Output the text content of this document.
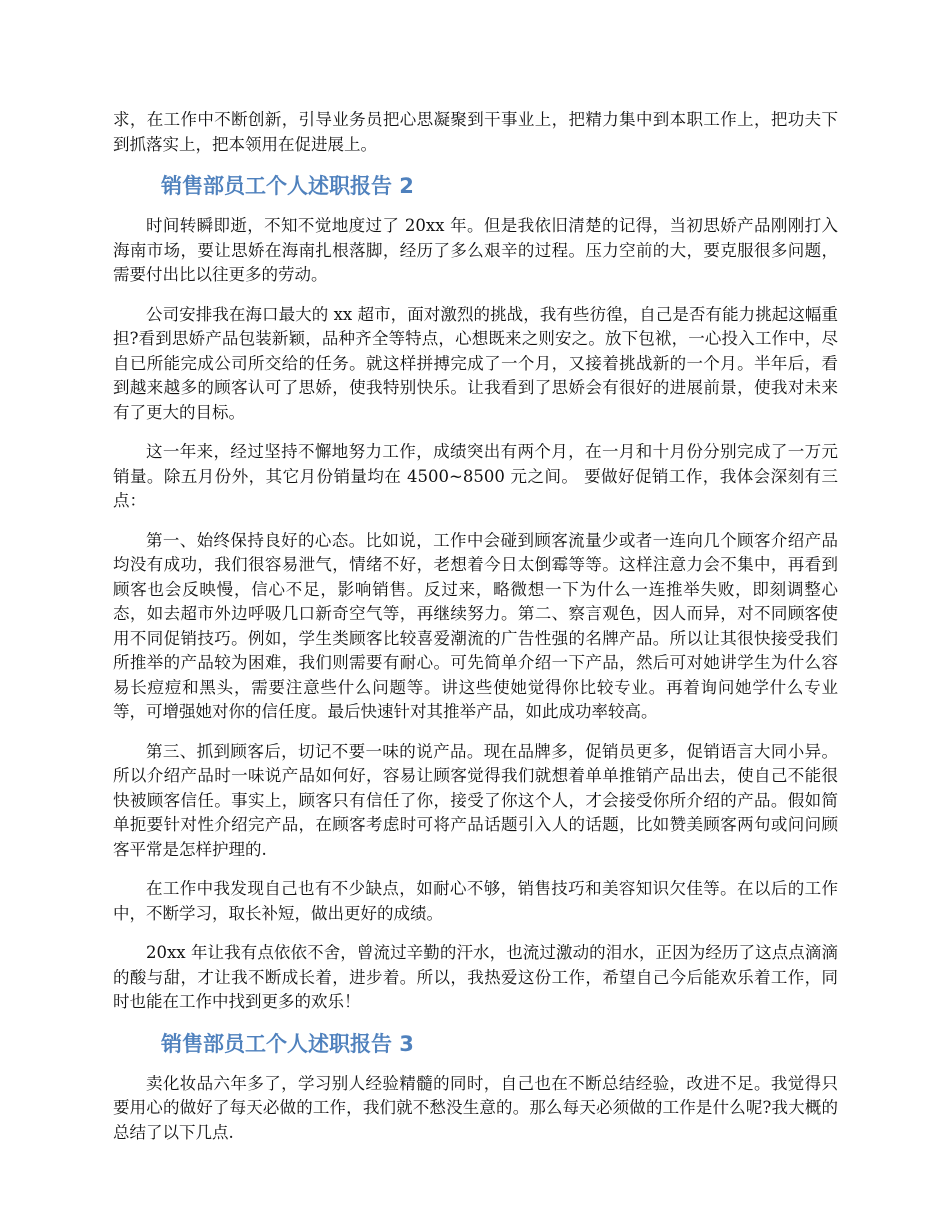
求，在工作中不断创新，引导业务员把心思凝聚到干事业上，把精力集中到本职工作上，把功夫下到抓落实上，把本领用在促进展上。

销售部员工个人述职报告 2

时间转瞬即逝，不知不觉地度过了 20xx 年。但是我依旧清楚的记得，当初思娇产品刚刚打入海南市场，要让思娇在海南扎根落脚，经历了多么艰辛的过程。压力空前的大，要克服很多问题，需要付出比以往更多的劳动。

公司安排我在海口最大的 xx 超市，面对激烈的挑战，我有些彷徨，自己是否有能力挑起这幅重担?看到思娇产品包装新颖，品种齐全等特点，心想既来之则安之。放下包袱，一心投入工作中，尽自已所能完成公司所交给的任务。就这样拼搏完成了一个月，又接着挑战新的一个月。半年后，看到越来越多的顾客认可了思娇，使我特别快乐。让我看到了思娇会有很好的进展前景，使我对未来有了更大的目标。

这一年来，经过坚持不懈地努力工作，成绩突出有两个月，在一月和十月份分别完成了一万元销量。除五月份外，其它月份销量均在 4500~8500 元之间。 要做好促销工作，我体会深刻有三点：

第一、始终保持良好的心态。比如说，工作中会碰到顾客流量少或者一连向几个顾客介绍产品均没有成功，我们很容易泄气，情绪不好，老想着今日太倒霉等等。这样注意力会不集中，再看到顾客也会反映慢，信心不足，影响销售。反过来，略微想一下为什么一连推举失败，即刻调整心态，如去超市外边呼吸几口新奇空气等，再继续努力。第二、察言观色，因人而异，对不同顾客使用不同促销技巧。例如，学生类顾客比较喜爱潮流的广告性强的名牌产品。所以让其很快接受我们所推举的产品较为困难，我们则需要有耐心。可先简单介绍一下产品，然后可对她讲学生为什么容易长痘痘和黑头，需要注意些什么问题等。讲这些使她觉得你比较专业。再着询问她学什么专业等，可增强她对你的信任度。最后快速针对其推举产品，如此成功率较高。

第三、抓到顾客后，切记不要一味的说产品。现在品牌多，促销员更多，促销语言大同小异。所以介绍产品时一味说产品如何好，容易让顾客觉得我们就想着单单推销产品出去，使自己不能很快被顾客信任。事实上，顾客只有信任了你，接受了你这个人，才会接受你所介绍的产品。假如简单扼要针对性介绍完产品，在顾客考虑时可将产品话题引入人的话题，比如赞美顾客两句或问问顾客平常是怎样护理的.

在工作中我发现自己也有不少缺点，如耐心不够，销售技巧和美容知识欠佳等。在以后的工作中，不断学习，取长补短，做出更好的成绩。

20xx 年让我有点依依不舍，曾流过辛勤的汗水，也流过激动的泪水，正因为经历了这点点滴滴的酸与甜，才让我不断成长着，进步着。所以，我热爱这份工作，希望自己今后能欢乐着工作，同时也能在工作中找到更多的欢乐！

销售部员工个人述职报告 3

卖化妆品六年多了，学习别人经验精髓的同时，自己也在不断总结经验，改进不足。我觉得只要用心的做好了每天必做的工作，我们就不愁没生意的。那么每天必须做的工作是什么呢?我大概的总结了以下几点.
